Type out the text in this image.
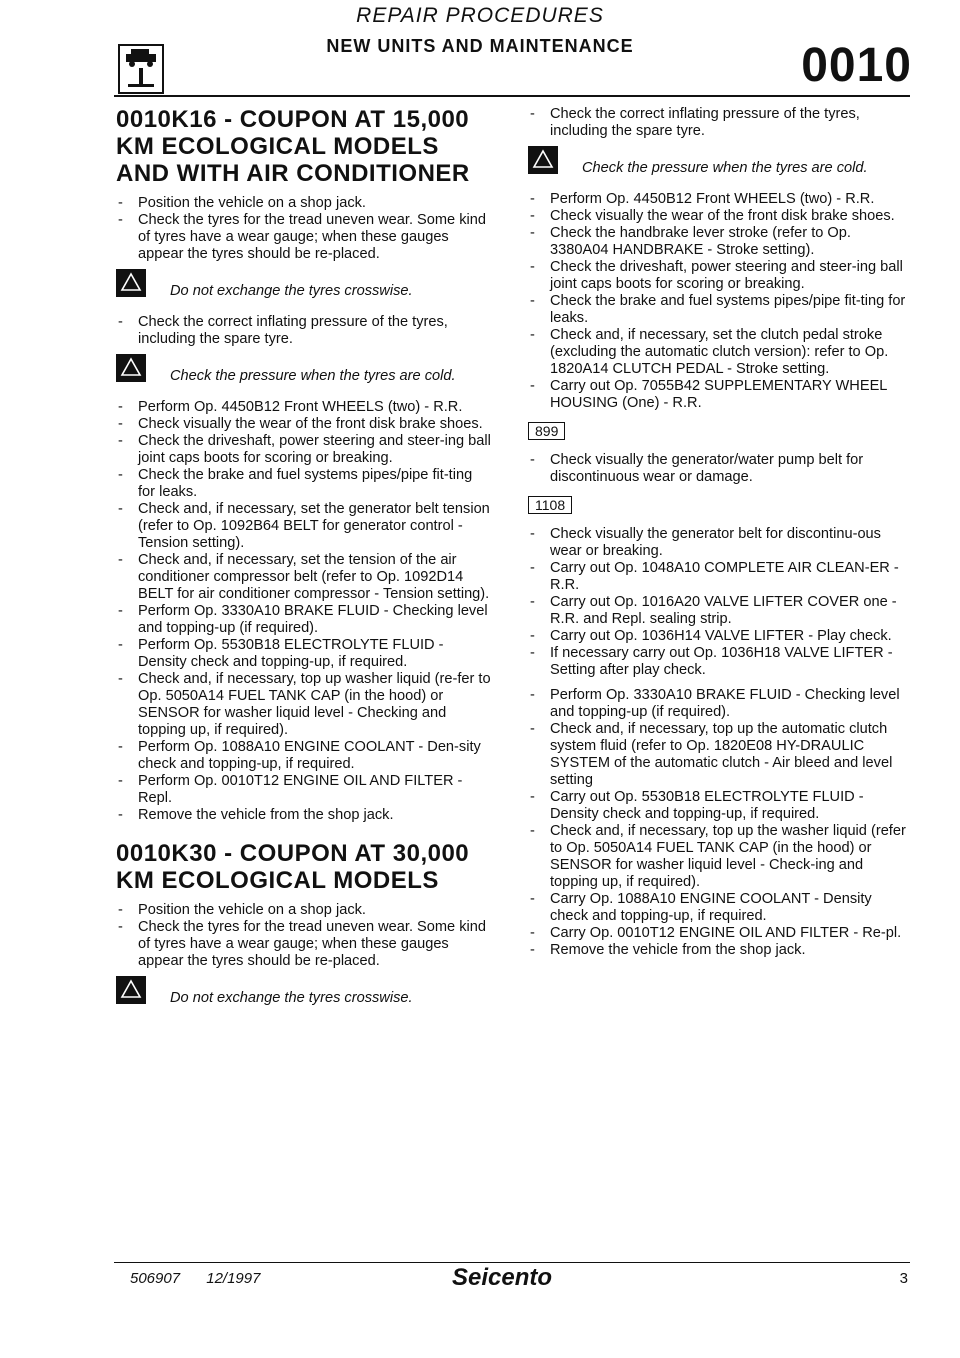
REPAIR PROCEDURES
NEW UNITS AND MAINTENANCE	0010
0010K16 - COUPON AT 15,000 KM ECOLOGICAL MODELS AND WITH AIR CONDITIONER
- Position the vehicle on a shop jack.
- Check the tyres for the tread uneven wear. Some kind of tyres have a wear gauge; when these gauges appear the tyres should be re-placed.
Do not exchange the tyres crosswise.
- Check the correct inflating pressure of the tyres, including the spare tyre.
Check the pressure when the tyres are cold.
- Perform Op. 4450B12 Front WHEELS (two) - R.R.
- Check visually the wear of the front disk brake shoes.
- Check the driveshaft, power steering and steer-ing ball joint caps boots for scoring or breaking.
- Check the brake and fuel systems pipes/pipe fit-ting for leaks.
- Check and, if necessary, set the generator belt tension (refer to Op. 1092B64 BELT for generator control - Tension setting).
- Check and, if necessary, set the tension of the air conditioner compressor belt (refer to Op. 1092D14 BELT for air conditioner compressor - Tension setting).
- Perform Op. 3330A10 BRAKE FLUID - Checking level and topping-up (if required).
- Perform Op. 5530B18 ELECTROLYTE FLUID - Density check and topping-up, if required.
- Check and, if necessary, top up washer liquid (re-fer to Op. 5050A14 FUEL TANK CAP (in the hood) or SENSOR for washer liquid level - Checking and topping up, if required).
- Perform Op. 1088A10 ENGINE COOLANT - Den-sity check and topping-up, if required.
- Perform Op. 0010T12 ENGINE OIL AND FILTER - Repl.
- Remove the vehicle from the shop jack.
0010K30 - COUPON AT 30,000 KM ECOLOGICAL MODELS
- Position the vehicle on a shop jack.
- Check the tyres for the tread uneven wear. Some kind of tyres have a wear gauge; when these gauges appear the tyres should be re-placed.
Do not exchange the tyres crosswise.
- Check the correct inflating pressure of the tyres, including the spare tyre.
Check the pressure when the tyres are cold.
- Perform Op. 4450B12 Front WHEELS (two) - R.R.
- Check visually the wear of the front disk brake shoes.
- Check the handbrake lever stroke (refer to Op. 3380A04 HANDBRAKE - Stroke setting).
- Check the driveshaft, power steering and steer-ing ball joint caps boots for scoring or breaking.
- Check the brake and fuel systems pipes/pipe fit-ting for leaks.
- Check and, if necessary, set the clutch pedal stroke (excluding the automatic clutch version): refer to Op. 1820A14 CLUTCH PEDAL - Stroke setting.
- Carry out Op. 7055B42 SUPPLEMENTARY WHEEL HOUSING (One) - R.R.
899
- Check visually the generator/water pump belt for discontinuous wear or damage.
1108
- Check visually the generator belt for discontinu-ous wear or breaking.
- Carry out Op. 1048A10 COMPLETE AIR CLEAN-ER - R.R.
- Carry out Op. 1016A20 VALVE LIFTER COVER one - R.R. and Repl. sealing strip.
- Carry out Op. 1036H14 VALVE LIFTER - Play check.
- If necessary carry out Op. 1036H18 VALVE LIFTER - Setting after play check.
- Perform Op. 3330A10 BRAKE FLUID - Checking level and topping-up (if required).
- Check and, if necessary, top up the automatic clutch system fluid (refer to Op. 1820E08 HY-DRAULIC SYSTEM of the automatic clutch - Air bleed and level setting
- Carry out Op. 5530B18 ELECTROLYTE FLUID - Density check and topping-up, if required.
- Check and, if necessary, top up the washer liquid (refer to Op. 5050A14 FUEL TANK CAP (in the hood) or SENSOR for washer liquid level - Check-ing and topping up, if required).
- Carry Op. 1088A10 ENGINE COOLANT - Density check and topping-up, if required.
- Carry Op. 0010T12 ENGINE OIL AND FILTER - Re-pl.
- Remove the vehicle from the shop jack.
506907 12/1997	Seicento	3
